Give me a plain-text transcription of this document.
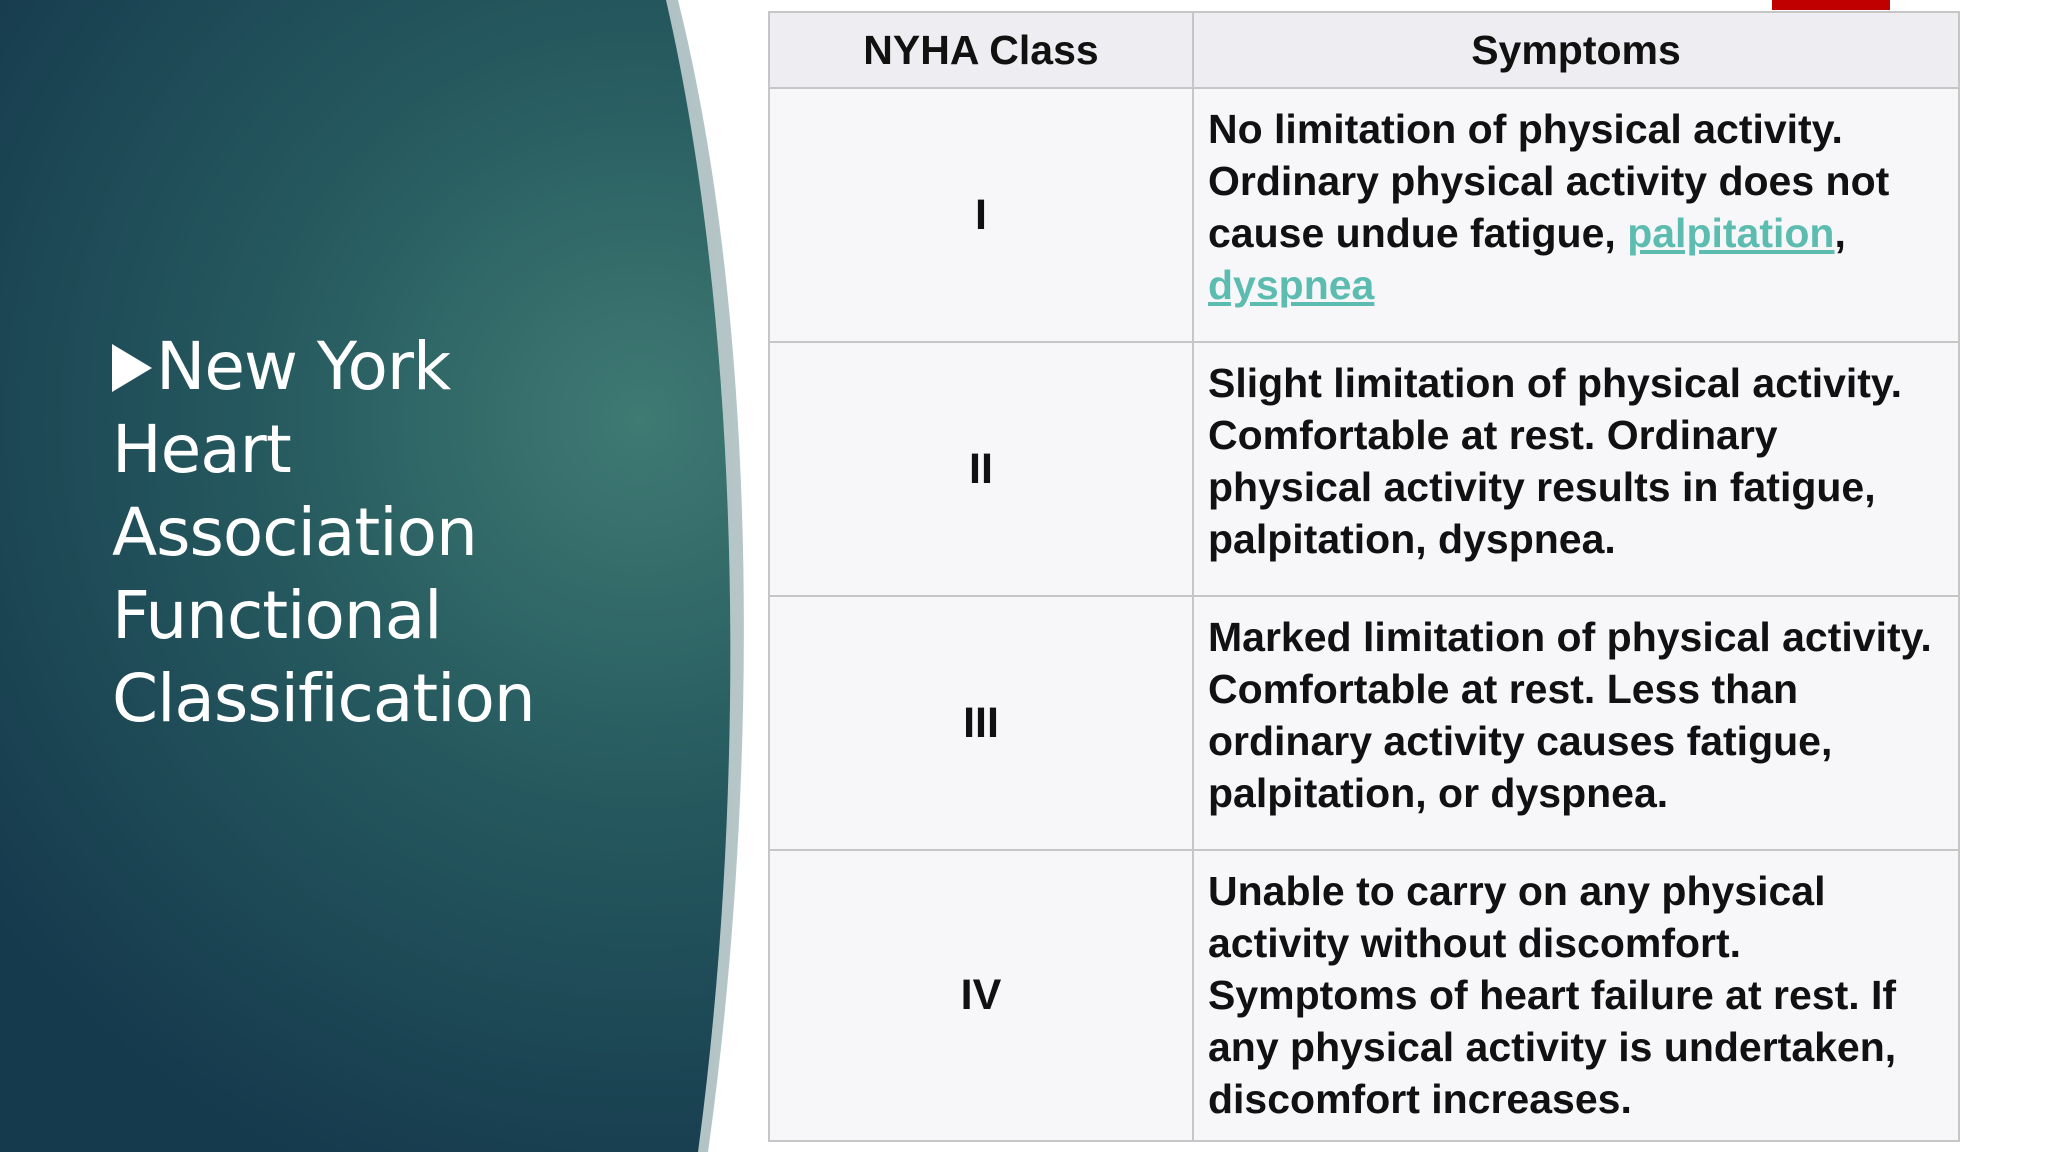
New York
Heart
Association
Functional
Classification
NYHA Class	Symptoms
I	No limitation of physical activity. Ordinary physical activity does not cause undue fatigue, palpitation, dyspnea
II	Slight limitation of physical activity. Comfortable at rest. Ordinary physical activity results in fatigue, palpitation, dyspnea.
III	Marked limitation of physical activity. Comfortable at rest. Less than ordinary activity causes fatigue, palpitation, or dyspnea.
IV	Unable to carry on any physical activity without discomfort. Symptoms of heart failure at rest. If any physical activity is undertaken, discomfort increases.
